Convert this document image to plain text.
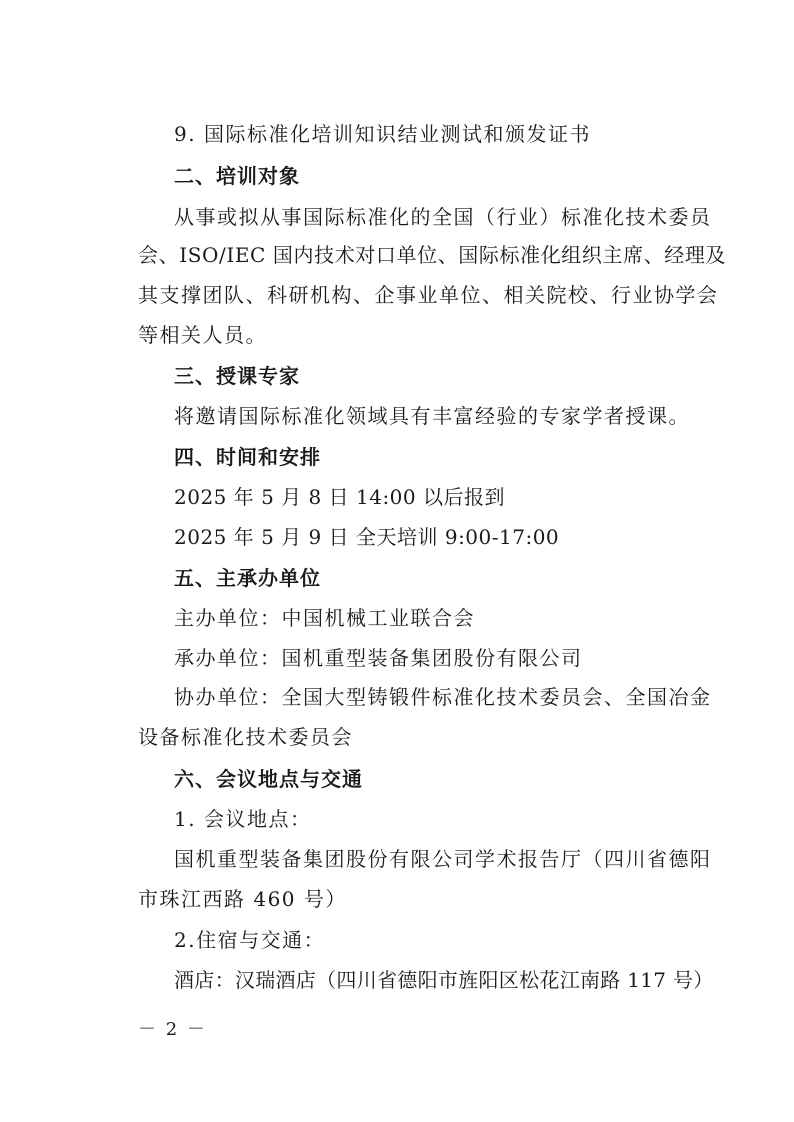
9. 国际标准化培训知识结业测试和颁发证书
二、培训对象
从事或拟从事国际标准化的全国（行业）标准化技术委员
会、ISO/IEC 国内技术对口单位、国际标准化组织主席、经理及
其支撑团队、科研机构、企事业单位、相关院校、行业协学会
等相关人员。
三、授课专家
将邀请国际标准化领域具有丰富经验的专家学者授课。
四、时间和安排
2025 年 5 月 8 日 14:00 以后报到
2025 年 5 月 9 日 全天培训 9:00-17:00
五、主承办单位
主办单位：中国机械工业联合会
承办单位：国机重型装备集团股份有限公司
协办单位：全国大型铸锻件标准化技术委员会、全国冶金
设备标准化技术委员会
六、会议地点与交通
1. 会议地点：
国机重型装备集团股份有限公司学术报告厅（四川省德阳
市珠江西路 460 号）
2.住宿与交通：
酒店：汉瑞酒店（四川省德阳市旌阳区松花江南路 117 号）
－ 2 －
